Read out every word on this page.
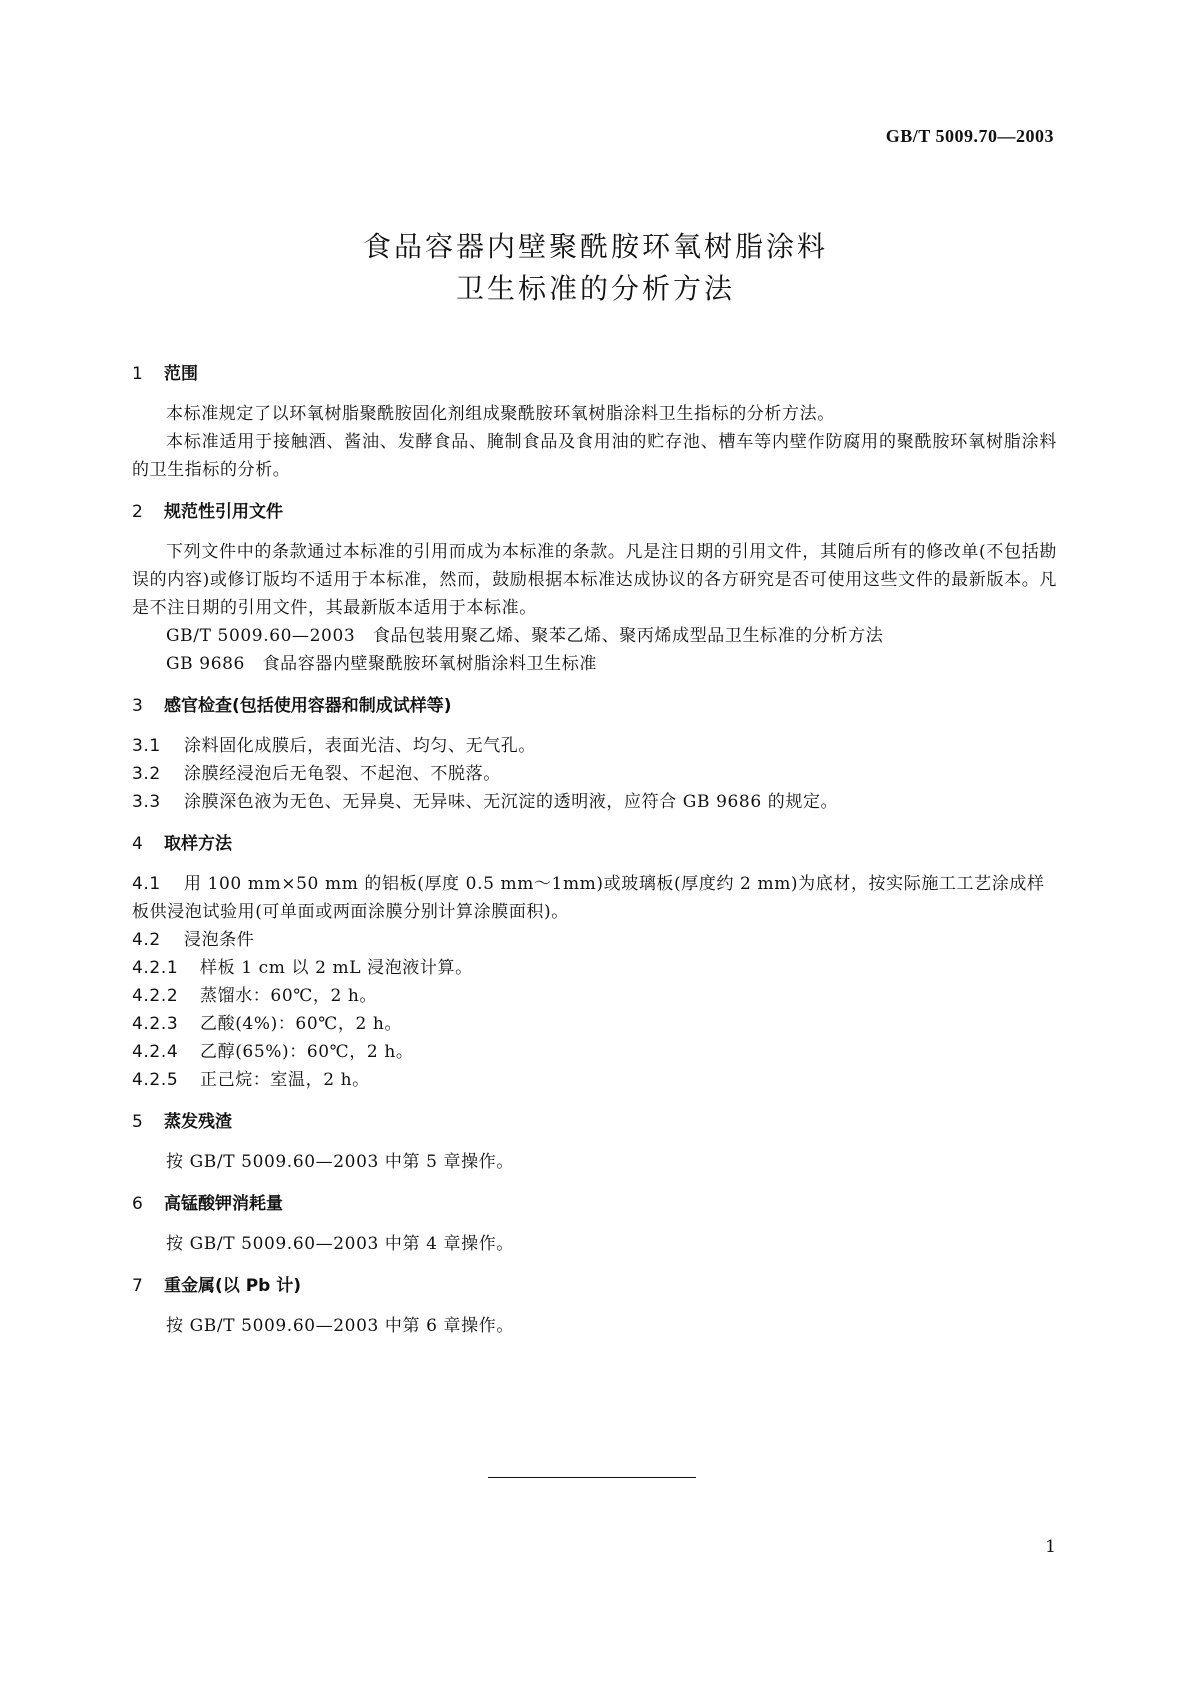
GB/T 5009.70—2003
食品容器内壁聚酰胺环氧树脂涂料
卫生标准的分析方法
1 范围

本标准规定了以环氧树脂聚酰胺固化剂组成聚酰胺环氧树脂涂料卫生指标的分析方法。

本标准适用于接触酒、酱油、发酵食品、腌制食品及食用油的贮存池、槽车等内壁作防腐用的聚酰胺环氧树脂涂料的卫生指标的分析。

2 规范性引用文件

下列文件中的条款通过本标准的引用而成为本标准的条款。凡是注日期的引用文件，其随后所有的修改单(不包括勘误的内容)或修订版均不适用于本标准，然而，鼓励根据本标准达成协议的各方研究是否可使用这些文件的最新版本。凡是不注日期的引用文件，其最新版本适用于本标准。

GB/T 5009.60—2003　食品包装用聚乙烯、聚苯乙烯、聚丙烯成型品卫生标准的分析方法

GB 9686　食品容器内壁聚酰胺环氧树脂涂料卫生标准

3 感官检查(包括使用容器和制成试样等)

3.1 涂料固化成膜后，表面光洁、均匀、无气孔。

3.2 涂膜经浸泡后无龟裂、不起泡、不脱落。

3.3 涂膜深色液为无色、无异臭、无异味、无沉淀的透明液，应符合 GB 9686 的规定。

4 取样方法

4.1 用 100 mm×50 mm 的铝板(厚度 0.5 mm～1mm)或玻璃板(厚度约 2 mm)为底材，按实际施工工艺涂成样板供浸泡试验用(可单面或两面涂膜分别计算涂膜面积)。

4.2 浸泡条件

4.2.1 样板 1 cm 以 2 mL 浸泡液计算。

4.2.2 蒸馏水：60℃，2 h。

4.2.3 乙酸(4%)：60℃，2 h。

4.2.4 乙醇(65%)：60℃，2 h。

4.2.5 正己烷：室温，2 h。

5 蒸发残渣

按 GB/T 5009.60—2003 中第 5 章操作。

6 高锰酸钾消耗量

按 GB/T 5009.60—2003 中第 4 章操作。

7 重金属(以 Pb 计)

按 GB/T 5009.60—2003 中第 6 章操作。

1
